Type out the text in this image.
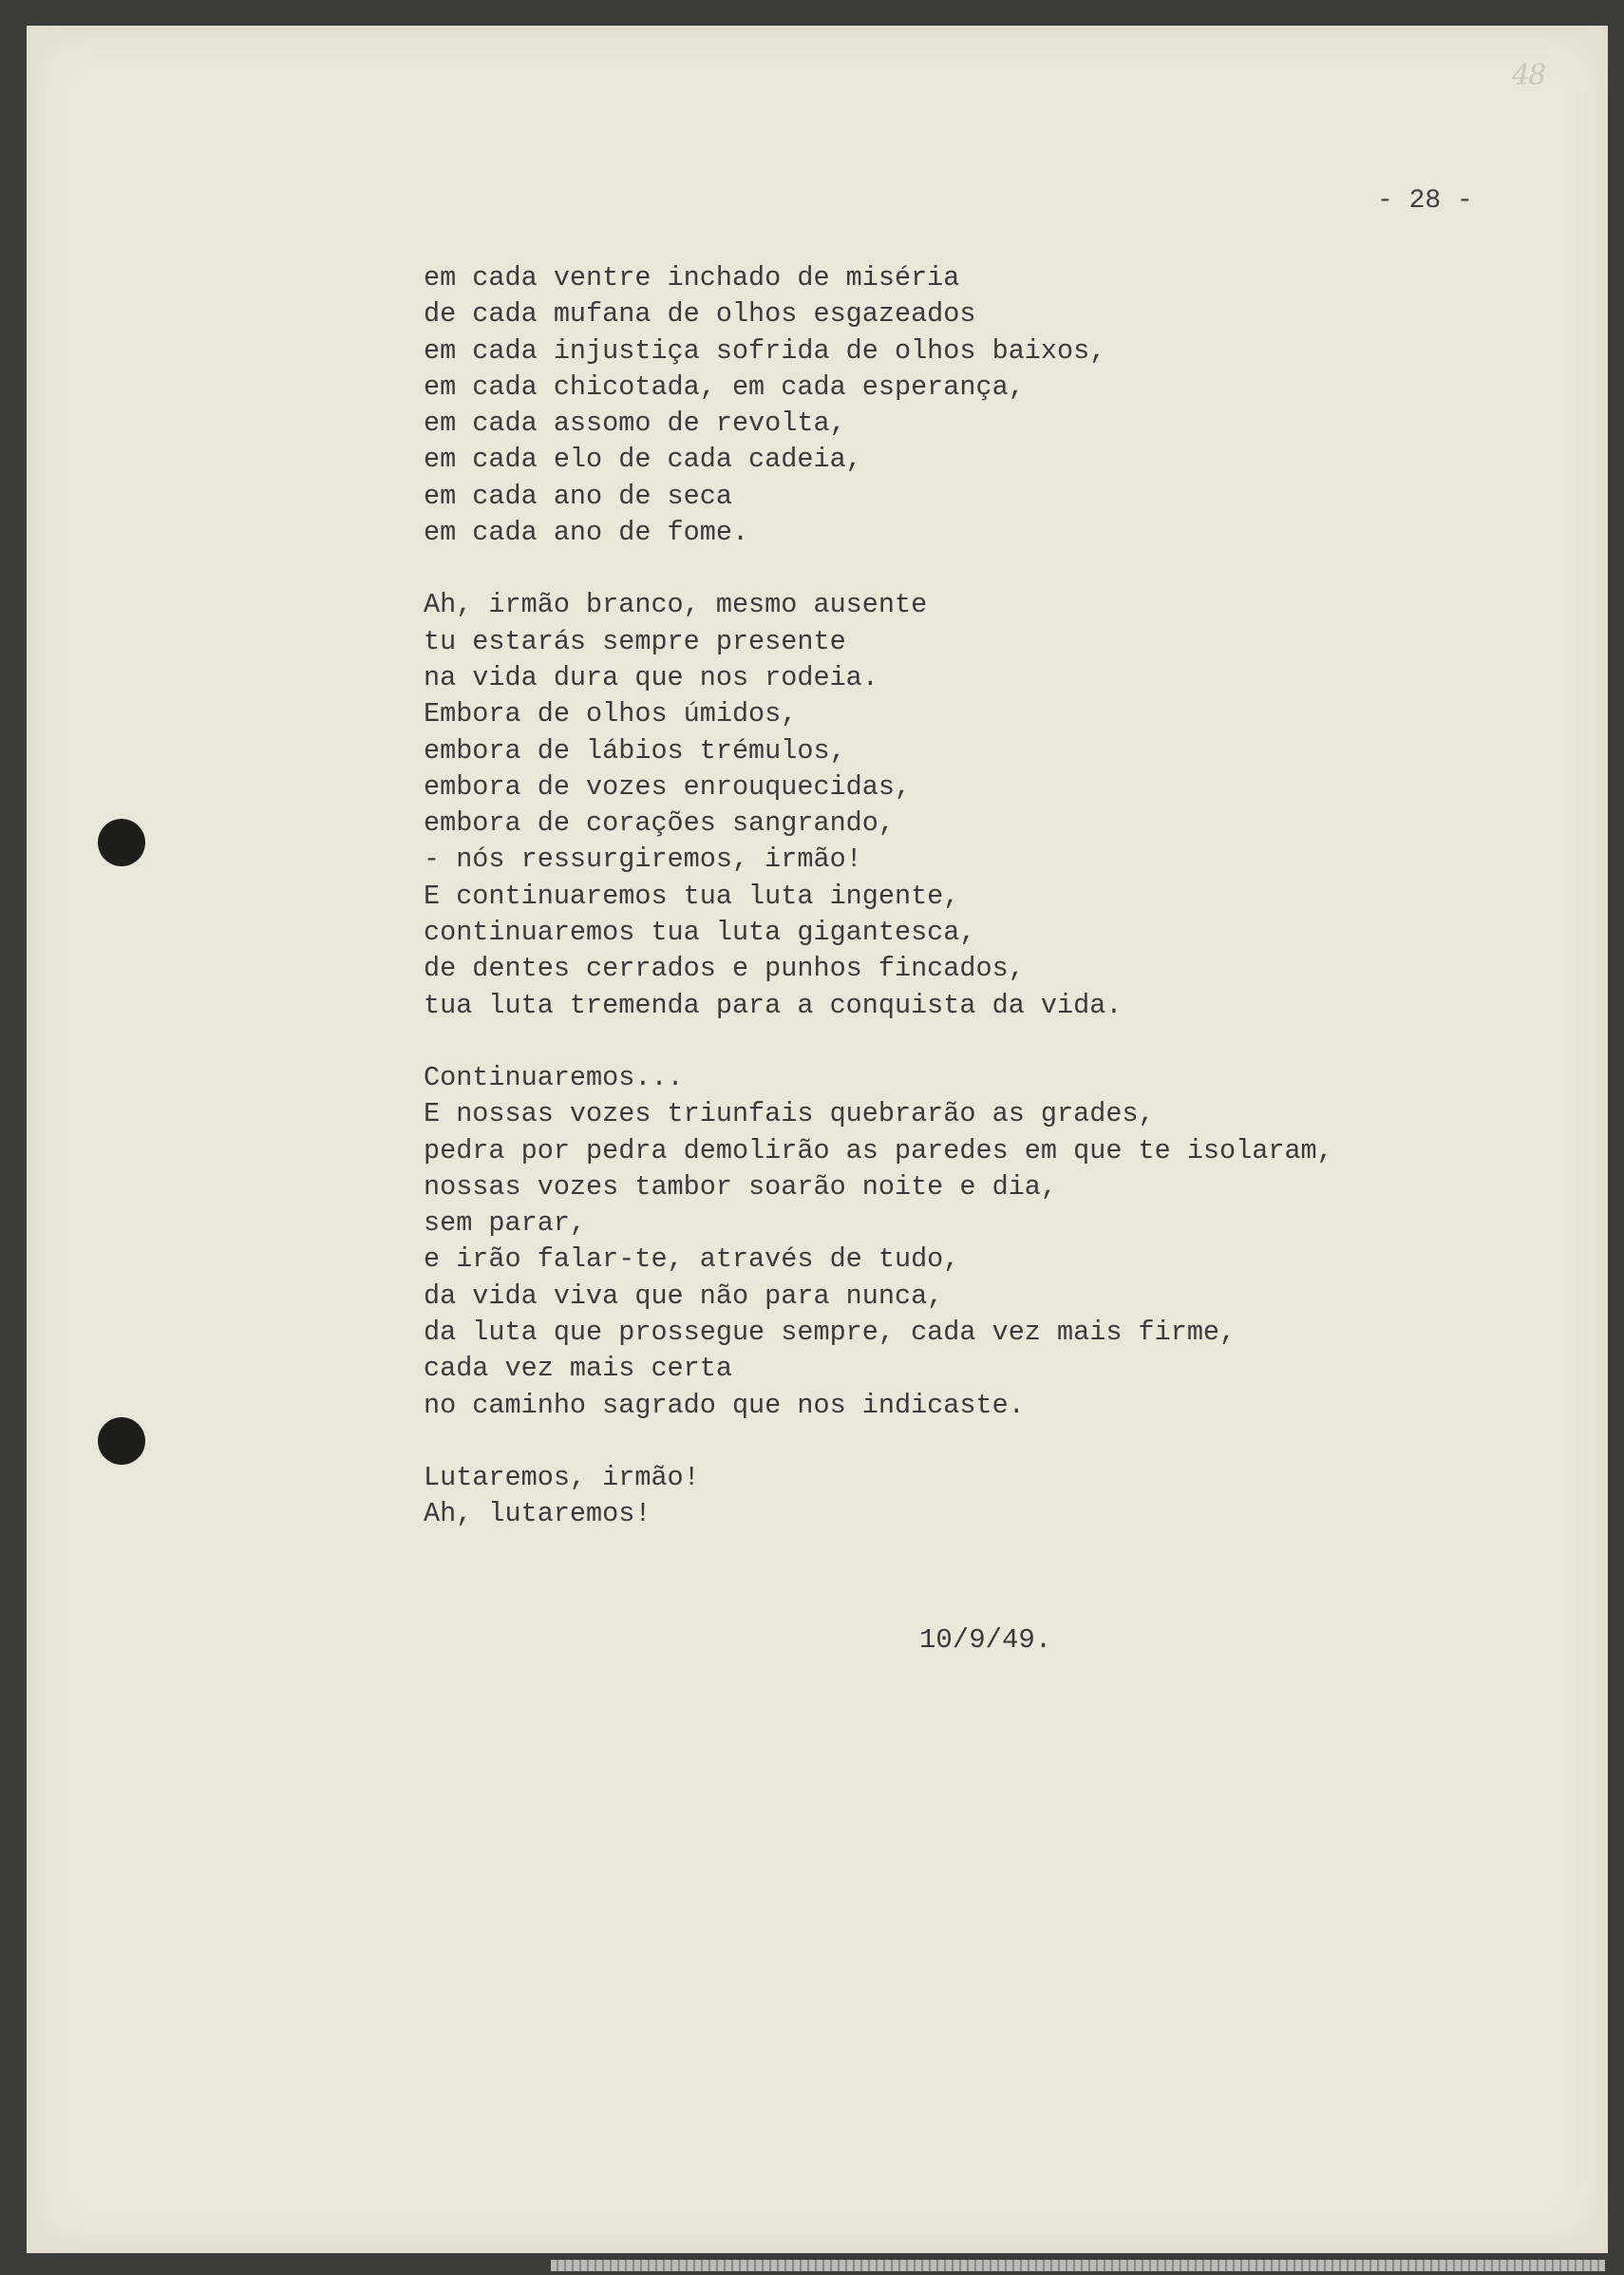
48
- 28 -
em cada ventre inchado de miséria
de cada mufana de olhos esgazeados
em cada injustiça sofrida de olhos baixos,
em cada chicotada, em cada esperança,
em cada assomo de revolta,
em cada elo de cada cadeia,
em cada ano de seca
em cada ano de fome.
Ah, irmão branco, mesmo ausente
tu estarás sempre presente
na vida dura que nos rodeia.
Embora de olhos úmidos,
embora de lábios trémulos,
embora de vozes enrouquecidas,
embora de corações sangrando,
- nós ressurgiremos, irmão!
E continuaremos tua luta ingente,
continuaremos tua luta gigantesca,
de dentes cerrados e punhos fincados,
tua luta tremenda para a conquista da vida.
Continuaremos...
E nossas vozes triunfais quebrarão as grades,
pedra por pedra demolirão as paredes em que te isolaram,
nossas vozes tambor soarão noite e dia,
sem parar,
e irão falar-te, através de tudo,
da vida viva que não para nunca,
da luta que prossegue sempre, cada vez mais firme,
cada vez mais certa
no caminho sagrado que nos indicaste.
Lutaremos, irmão!
Ah, lutaremos!
10/9/49.
